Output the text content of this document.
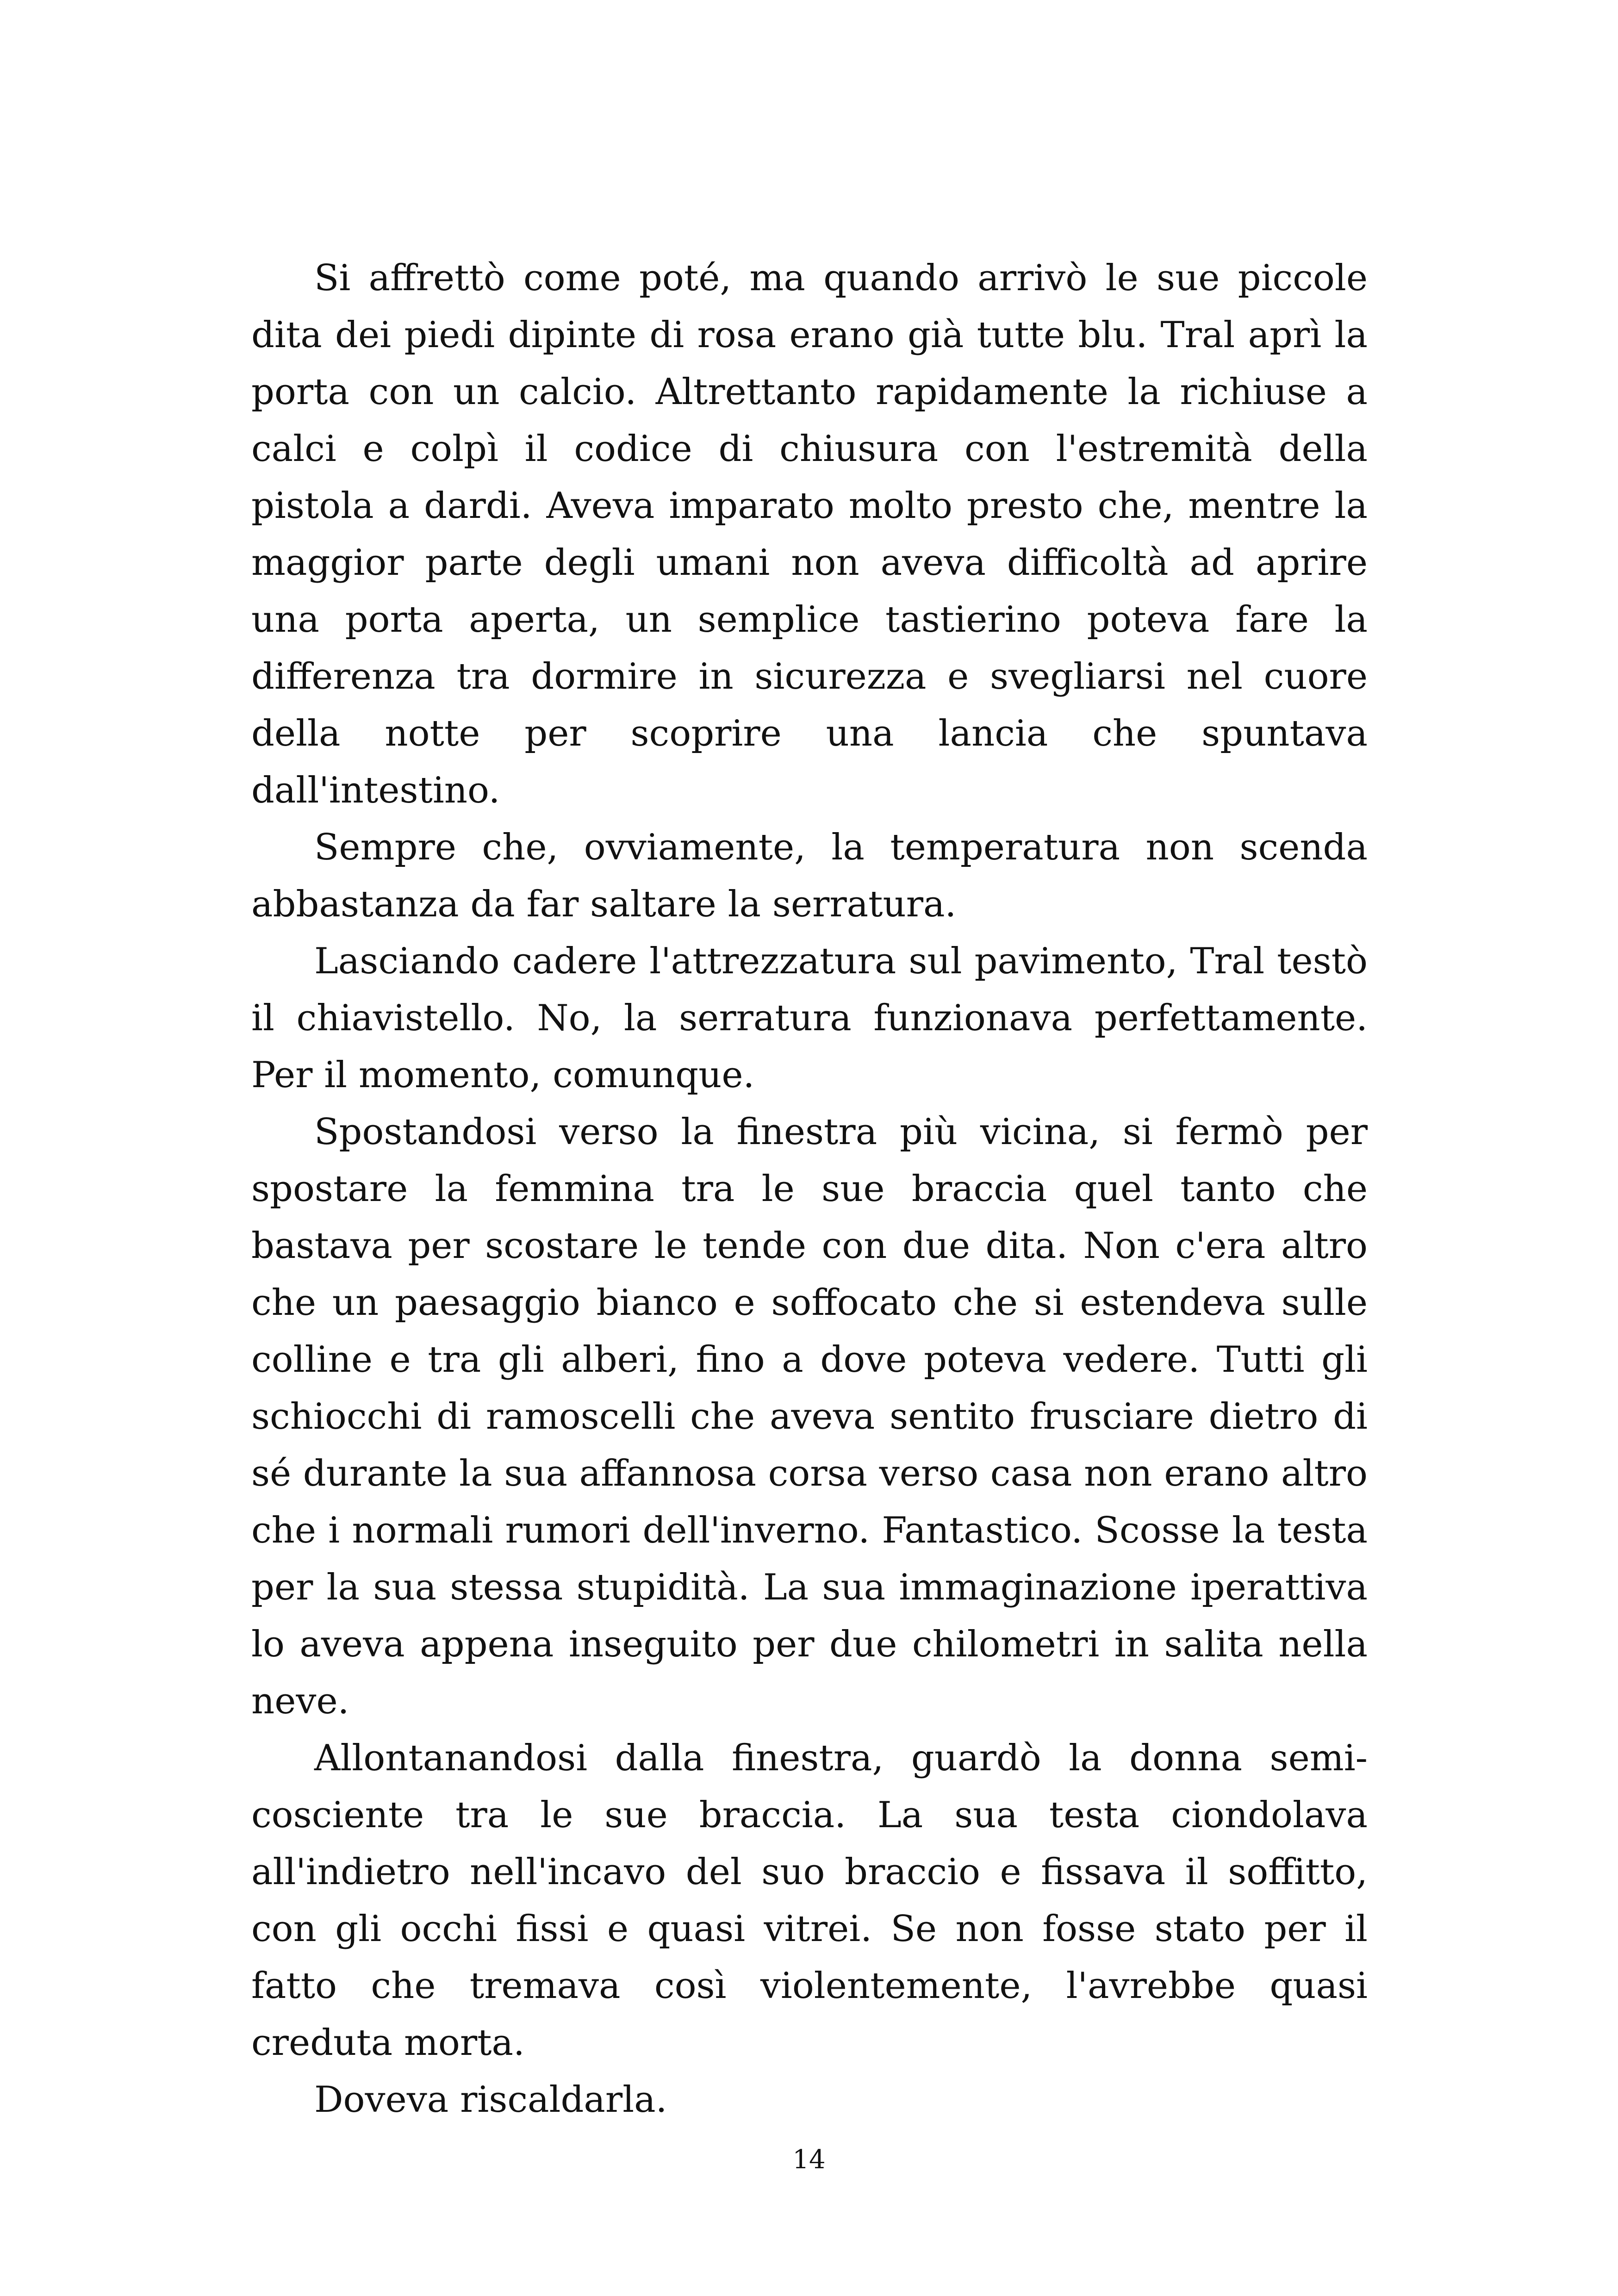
Si affrettò come poté, ma quando arrivò le sue piccole dita dei piedi dipinte di rosa erano già tutte blu. Tral aprì la porta con un calcio. Altrettanto rapidamente la richiuse a calci e colpì il codice di chiusura con l'estremità della pistola a dardi. Aveva imparato molto presto che, mentre la maggior parte degli umani non aveva difficoltà ad aprire una porta aperta, un semplice tastierino poteva fare la differenza tra dormire in sicurezza e svegliarsi nel cuore della notte per scoprire una lancia che spuntava dall'intestino.

Sempre che, ovviamente, la temperatura non scenda abbastanza da far saltare la serratura.

Lasciando cadere l'attrezzatura sul pavimento, Tral testò il chiavistello. No, la serratura funzionava perfettamente. Per il momento, comunque.

Spostandosi verso la finestra più vicina, si fermò per spostare la femmina tra le sue braccia quel tanto che bastava per scostare le tende con due dita. Non c'era altro che un paesaggio bianco e soffocato che si estendeva sulle colline e tra gli alberi, fino a dove poteva vedere. Tutti gli schiocchi di ramoscelli che aveva sentito frusciare dietro di sé durante la sua affannosa corsa verso casa non erano altro che i normali rumori dell'inverno. Fantastico. Scosse la testa per la sua stessa stupidità. La sua immaginazione iperattiva lo aveva appena inseguito per due chilometri in salita nella neve.

Allontanandosi dalla finestra, guardò la donna semi-cosciente tra le sue braccia. La sua testa ciondolava all'indietro nell'incavo del suo braccio e fissava il soffitto, con gli occhi fissi e quasi vitrei. Se non fosse stato per il fatto che tremava così violentemente, l'avrebbe quasi creduta morta.

Doveva riscaldarla.

14
